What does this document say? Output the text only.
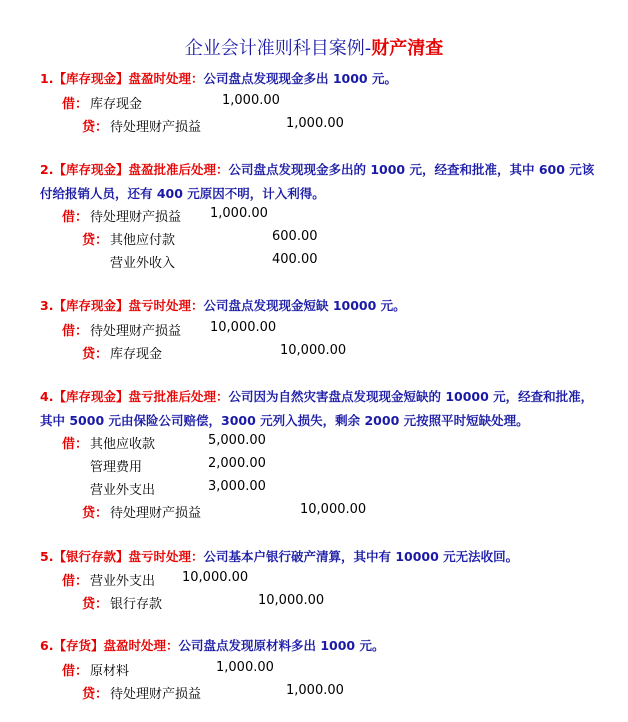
企业会计准则科目案例-财产清查
1.【库存现金】盘盈时处理：公司盘点发现现金多出 1000 元。
借： 库存现金	1,000.00
贷： 待处理财产损益	1,000.00
2.【库存现金】盘盈批准后处理：公司盘点发现现金多出的 1000 元，经查和批准，其中 600 元该付给报销人员，还有 400 元原因不明，计入利得。
借： 待处理财产损益 1,000.00
贷： 其他应付款	600.00
营业外收入	400.00
3.【库存现金】盘亏时处理：公司盘点发现现金短缺 10000 元。
借： 待处理财产损益 10,000.00
贷： 库存现金	10,000.00
4.【库存现金】盘亏批准后处理：公司因为自然灾害盘点发现现金短缺的 10000 元，经查和批准，其中 5000 元由保险公司赔偿，3000 元列入损失，剩余 2000 元按照平时短缺处理。
借： 其他应收款	5,000.00
管理费用	2,000.00
营业外支出	3,000.00
贷： 待处理财产损益	10,000.00
5.【银行存款】盘亏时处理：公司基本户银行破产清算，其中有 10000 元无法收回。
借： 营业外支出 10,000.00
贷： 银行存款	10,000.00
6.【存货】盘盈时处理：公司盘点发现原材料多出 1000 元。
借： 原材料	1,000.00
贷： 待处理财产损益	1,000.00
